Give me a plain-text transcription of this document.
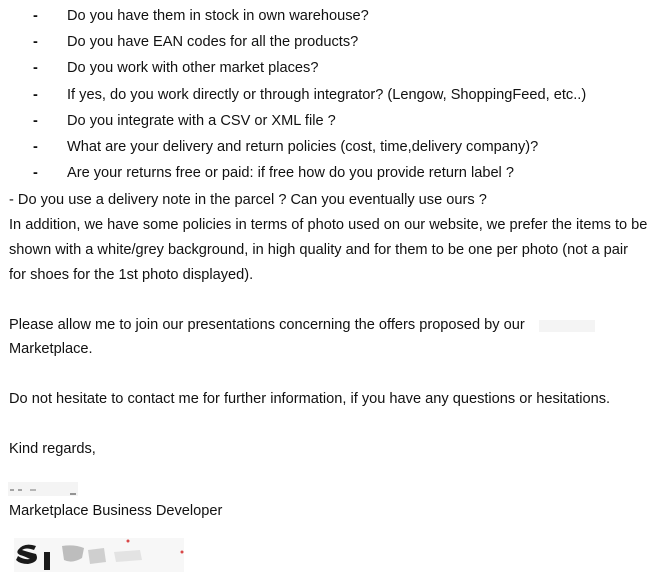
-	Do you have them in stock in own warehouse?
-	Do you have EAN codes for all the products?
-	Do you work with other market places?
-	If yes, do you work directly or through integrator? (Lengow, ShoppingFeed, etc..)
-	Do you integrate with a CSV or XML file ?
-	What are your delivery and return policies (cost, time,delivery company)?
-	Are your returns free or paid: if free how do you provide return label ?
- Do you use a delivery note in the parcel ? Can you eventually use ours ?
In addition, we have some policies in terms of photo used on our website, we prefer the items to be
shown with a white/grey background, in high quality and for them to be one per photo (not a pair
for shoes for the 1st photo displayed).
Please allow me to join our presentations concerning the offers proposed by our
Marketplace.
Do not hesitate to contact me for further information, if you have any questions or hesitations.
Kind regards,
Marketplace Business Developer
